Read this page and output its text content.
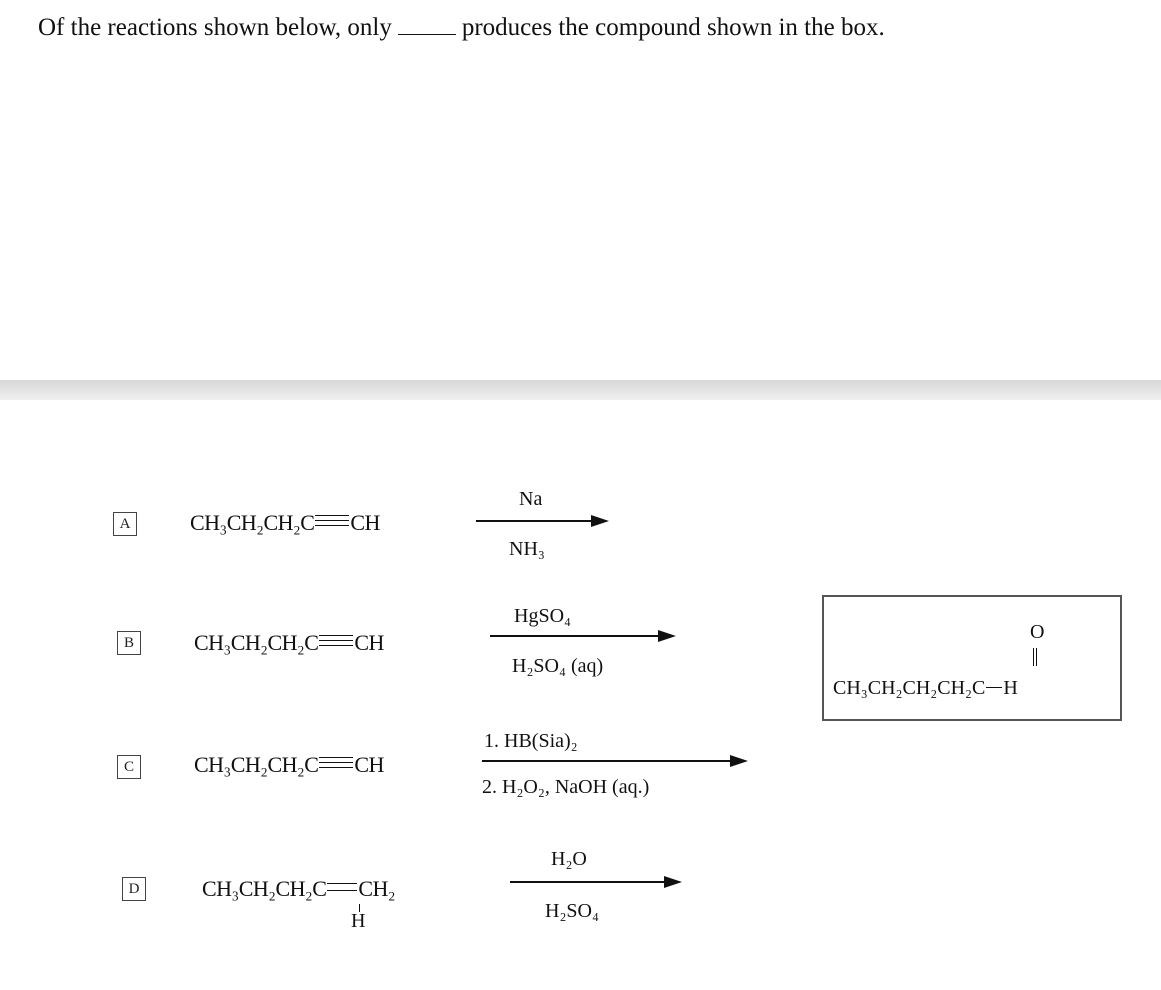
Of the reactions shown below, only	produces the compound shown in the box.
A	CH₃CH₂CH₂C CH
Na
NH₃
B	CH₃CH₂CH₂C CH
HgSO₄
H₂SO₄ (aq)
C	CH₃CH₂CH₂C CH
1. HB(Sia)₂
2. H₂O₂, NaOH (aq.)
D	CH₃CH₂CH₂C CH₂
H
H₂O
H₂SO₄
O
CH₃CH₂CH₂CH₂C H
